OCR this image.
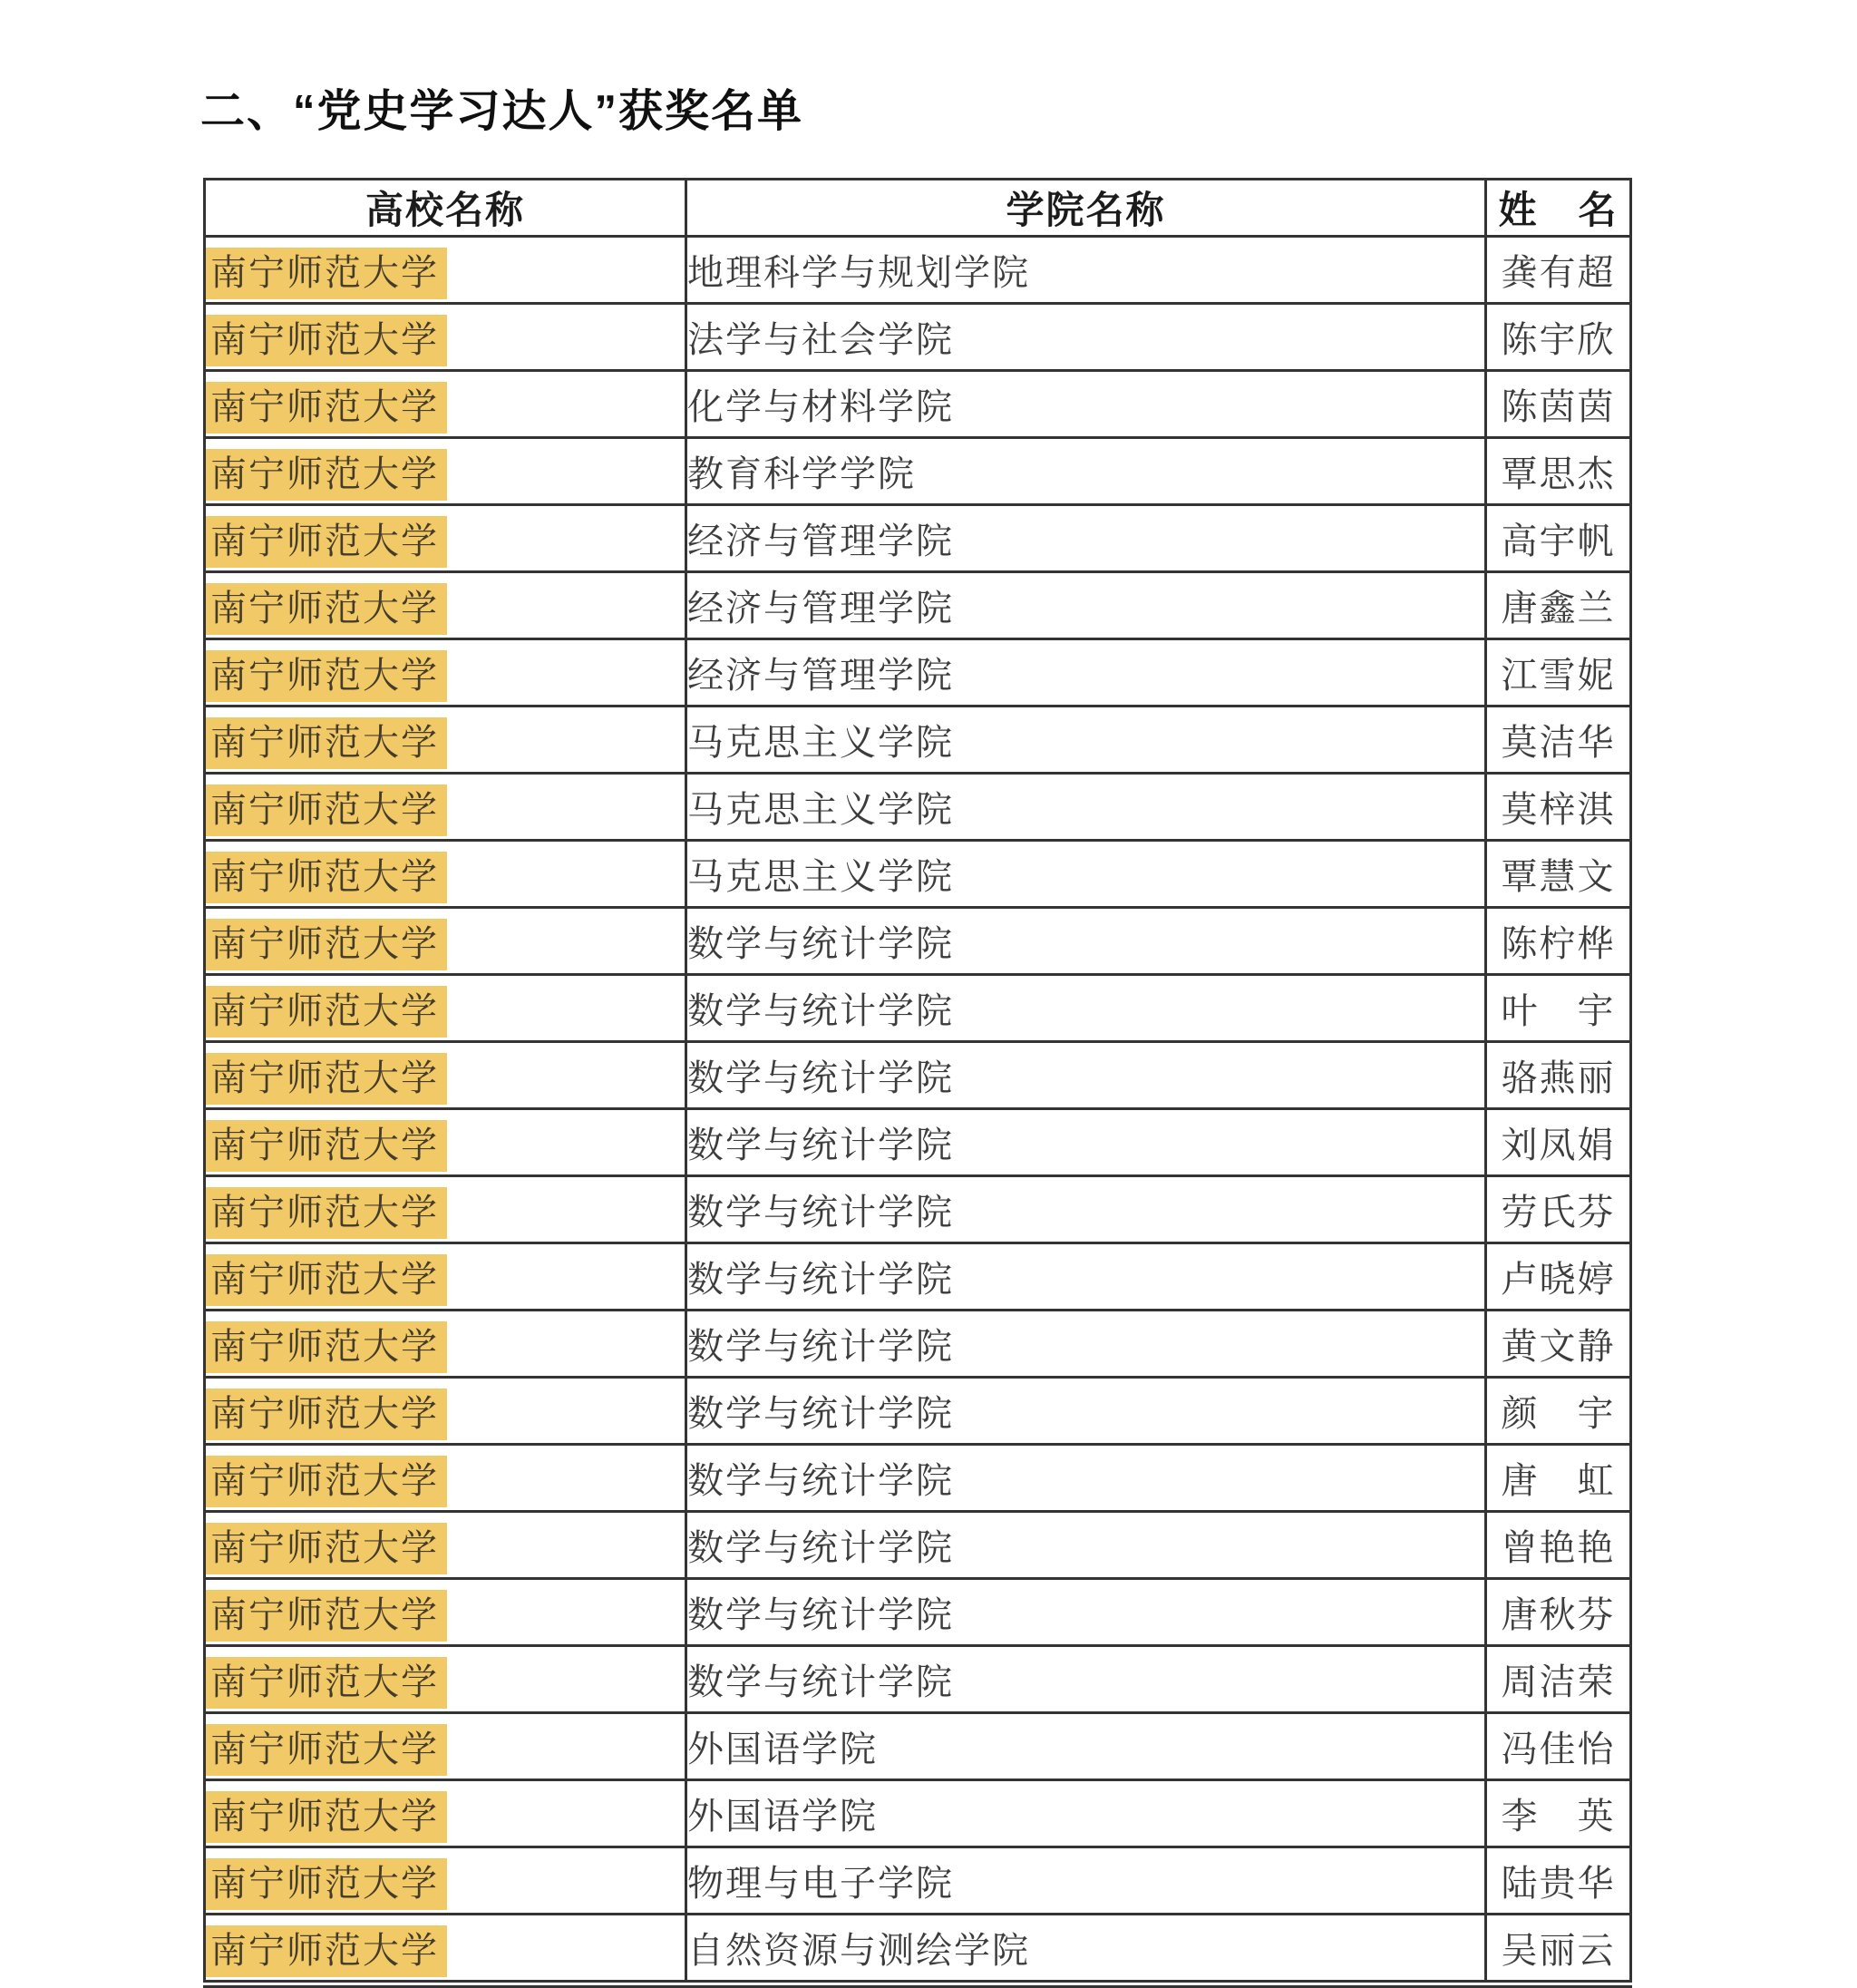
二、“党史学习达人”获奖名单
高校名称	学院名称	姓　名
南宁师范大学	地理科学与规划学院	龚有超
南宁师范大学	法学与社会学院	陈宇欣
南宁师范大学	化学与材料学院	陈茵茵
南宁师范大学	教育科学学院	覃思杰
南宁师范大学	经济与管理学院	高宇帆
南宁师范大学	经济与管理学院	唐鑫兰
南宁师范大学	经济与管理学院	江雪妮
南宁师范大学	马克思主义学院	莫洁华
南宁师范大学	马克思主义学院	莫梓淇
南宁师范大学	马克思主义学院	覃慧文
南宁师范大学	数学与统计学院	陈柠桦
南宁师范大学	数学与统计学院	叶　宇
南宁师范大学	数学与统计学院	骆燕丽
南宁师范大学	数学与统计学院	刘凤娟
南宁师范大学	数学与统计学院	劳氏芬
南宁师范大学	数学与统计学院	卢晓婷
南宁师范大学	数学与统计学院	黄文静
南宁师范大学	数学与统计学院	颜　宇
南宁师范大学	数学与统计学院	唐　虹
南宁师范大学	数学与统计学院	曾艳艳
南宁师范大学	数学与统计学院	唐秋芬
南宁师范大学	数学与统计学院	周洁荣
南宁师范大学	外国语学院	冯佳怡
南宁师范大学	外国语学院	李　英
南宁师范大学	物理与电子学院	陆贵华
南宁师范大学	自然资源与测绘学院	吴丽云
